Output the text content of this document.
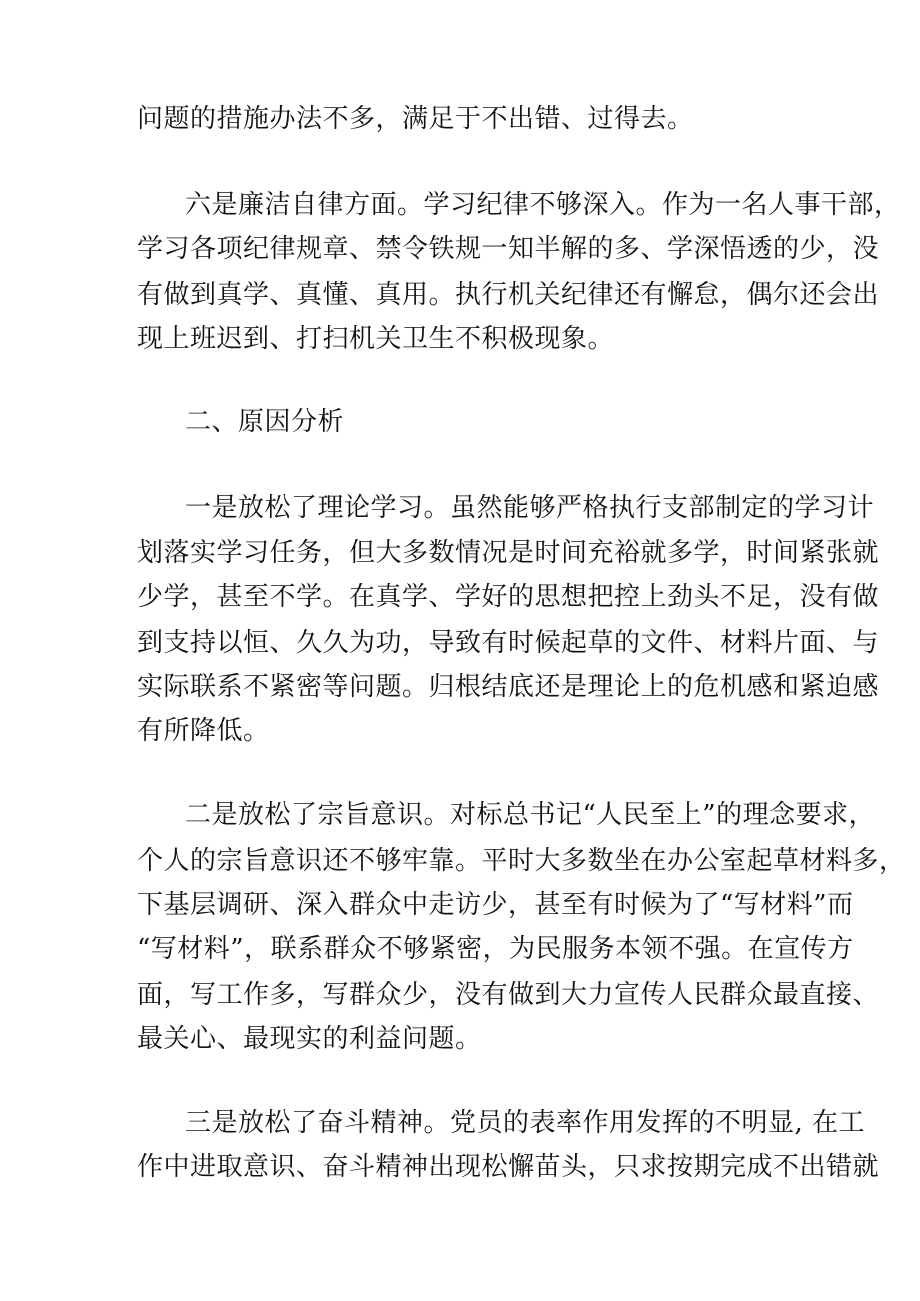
问题的措施办法不多，满足于不出错、过得去。
六是廉洁自律方面。学习纪律不够深入。作为一名人事干部，
学习各项纪律规章、禁令铁规一知半解的多、学深悟透的少，没
有做到真学、真懂、真用。执行机关纪律还有懈怠，偶尔还会出
现上班迟到、打扫机关卫生不积极现象。
二、原因分析
一是放松了理论学习。虽然能够严格执行支部制定的学习计
划落实学习任务，但大多数情况是时间充裕就多学，时间紧张就
少学，甚至不学。在真学、学好的思想把控上劲头不足，没有做
到支持以恒、久久为功，导致有时候起草的文件、材料片面、与
实际联系不紧密等问题。归根结底还是理论上的危机感和紧迫感
有所降低。
二是放松了宗旨意识。对标总书记“人民至上”的理念要求，
个人的宗旨意识还不够牢靠。平时大多数坐在办公室起草材料多，
下基层调研、深入群众中走访少，甚至有时候为了“写材料”而
“写材料”，联系群众不够紧密，为民服务本领不强。在宣传方
面，写工作多，写群众少，没有做到大力宣传人民群众最直接、
最关心、最现实的利益问题。
三是放松了奋斗精神。党员的表率作用发挥的不明显, 在工
作中进取意识、奋斗精神出现松懈苗头，只求按期完成不出错就
